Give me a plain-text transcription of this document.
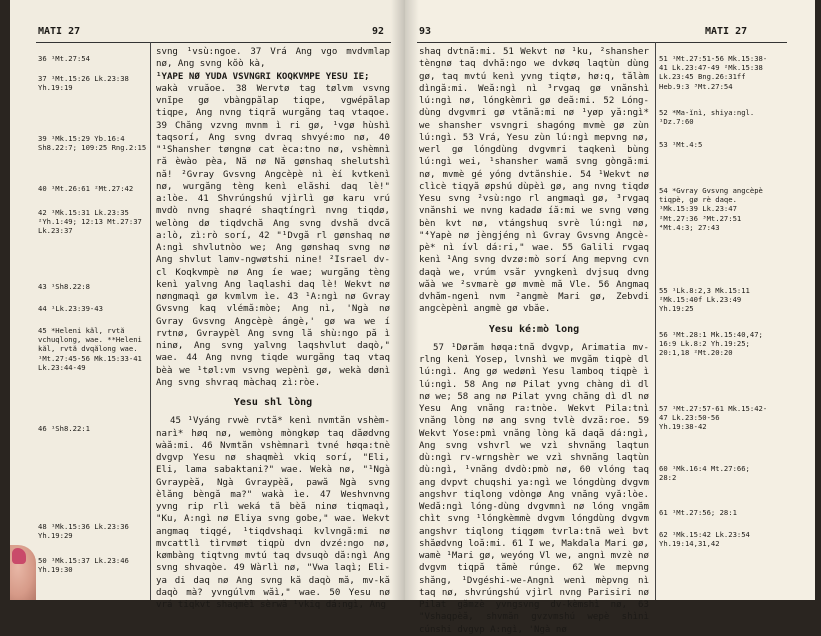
MATI 27	92
36 ¹Mt.27:54
37 ¹Mt.15:26 Lk.23:38
Yh.19:19
39 ¹Mk.15:29 Yb.16:4
Sh8.22:7; 109:25 Rng.2:15
40 ¹Mt.26:61 ²Mt.27:42
42 ¹Mk.15:31 Lk.23:35
²Yh.1:49; 12:13 Mt.27:37
Lk.23:37
43 ¹Sh8.22:8
44 ¹Lk.23:39-43
45 *Heleni kăl, rvtă
vchuqlong, wae. **Heleni
kăl, rvtă dvqălong wae.
¹Mt.27:45-56 Mk.15:33-41
Lk.23:44-49
46 ¹Sh8.22:1
48 ¹Mk.15:36 Lk.23:36
Yh.19:29
50 ¹Mk.15:37 Lk.23:46
Yh.19:30

svng ¹vsù:ngoe. 37 Vrá Ang vgo mvdvmlap nø, Ang svng kŏò kà,

¹YAPE NØ YUDA VSVNGRI KOQKVMPE YESU IE;

wakà vruăoe. 38 Wervtø tag tølvm vsvng vnĭpe gø vbàngpălap tiqpe, vgwépălap tiqpe, Ang nvng tiqră wurgăng taq vtaqoe. 39 Chăng vzvng mvnm ì ri gø, ¹vgø hùshì taqsorí, Ang svng dvraq shvyé:mo nø, 40 "¹Shansher tøngnø cat èca:tno nø, vshèmnì ră èwào pèa, Nă nø Nă gønshaq shelutshì nă! ²Gvray Gvsvng Angcèpè nì èí kvtkenì nø, wurgăng tèng kenì elăshi daq lè!" a:lòe. 41 Shvrúngshú vjìrlì gø karu vrú mvdò nvng shaqré shaqtíngrì nvng tiqdø, welòng dø tiqdvchă Ang svng dvshă dvcă a:lò, zì:rò sorí, 42 "¹Dvgă rl gønshaq nø A:ngì shvlutnòo we; Ang gønshaq svng nø Ang shvlut lamv-ngwøtshi nine! ²Israel dv-cl Koqkvmpè nø Ang íe wae; wurgăng tèng kenì yalvng Ang laqlashi daq lè! Wekvt nø nøngmaqì gø kvmlvm ìe. 43 ¹A:ngì nø Gvray Gvsvng kaq vlémă:mòe; Ang nì, 'Ngà nø Gvray Gvsvng Angcèpè ángè,' gø wa we í rvtnø, Gvraypèl Ang svng lă shù:ngo pă ì ninø, Ang svng yalvng laqshvlut daqò," wae. 44 Ang nvng tiqde wurgăng taq vtaq bèà we ¹tøl:vm vsvng wepènì gø, wekà dønì Ang svng shvraq màchaq zì:ròe.

Yesu shl lòng

45 ¹Vyáng rvwè rvtă* kenì nvmtăn vshèm-narì* høq nø, wemòng mòngkøp taq dăødvng wàă:mi. 46 Nvmtăn vshèmnarì tvné høqa:tnè dvgvp Yesu nø shaqmèì vkiq sorí, "Eli, Eli, lama sabaktani?" wae. Wekà nø, "¹Ngà Gvraypèă, Ngà Gvraypèă, pawă Ngà svng èlăng bèngă ma?" wakà ìe. 47 Weshvnvng yvng rip rlì weká tă bèă ninø tiqmaqì, "Ku, A:ngì nø Eliya svng gobe," wae. Wekvt angmaq tiqgé, ¹tiqdvshaqi kvlvngă:mi nø mvcattlì tìrvmøt tiqpù dvn dvzé:ngo nø, kømbàng tiqtvng mvtú taq dvsuqò dă:ngì Ang svng shvaqòe. 49 Wàrlì nø, "Vwa laqì; Eli-ya di daq nø Ang svng kă daqò mă, mv-kă daqò mà? yvngúlvm wăì," wae. 50 Yesu nø vrá tiqkvt shaqmèì sèrwă ¹vkiq dá:ngì, Ang

93	MATI 27

shaq dvtnă:mi. 51 Wekvt nø ¹ku, ²shansher tèngnø taq dvhă:ngo we dvkøq laqtùn dùng gø, taq mvtú kenì yvng tiqtø, hø:q, tălàm dìngă:mi. Weă:ngì nì ³rvgaq gø vnănshì lú:ngì nø, lóngkèmrì gø deă:mi. 52 Lóng-dùng dvgvmri gø vtănă:mi nø ¹yøp yă:ngì* we shansher vsvngri shagóng mvmè gø zùn lú:ngì. 53 Vrá, Yesu zùn lú:ngì mepvng nø, werl gø lóngdùng dvgvmri taqkenì bùng lú:ngì wei, ¹shansher wamă svng gòngă:mi nø, mvmè gé yóng dvtănshie. 54 ¹Wekvt nø clìcè tiqyă øpshú dùpèì gø, ang nvng tiqdø Yesu svng ²vsù:ngo rl angmaqì gø, ³rvgaq vnănshi we nvng kadadø íă:mi we svng vøng bèn kvt nø, vtángshuq svrè lú:ngì nø, "⁴Yapè nø jèngjéng nì Gvray Gvsvng Angcè-pè* nì ívl dá:ri," wae. 55 Galili rvgaq kenì ¹Ang svng dvzø:mò sorí Ang mepvng cvn daqà we, vrúm vsăr yvngkenì dvjsuq dvng wăà we ²svmarè gø mvmè mă Vle. 56 Angmaq dvhăm-ngenì nvm ²angmè Mari gø, Zebvdi angcèpènì angmè gø vbăe.

Yesu ké:mò long

57 ¹Dørăm høqa:tnă dvgvp, Arimatia mv-rlng kenì Yosep, lvnshì we mvgăm tiqpè dl lú:ngì. Ang gø wedønì Yesu lamboq tiqpè ì lú:ngì. 58 Ang nø Pilat yvng chàng dì dl nø we; 58 ang nø Pilat yvng chăng dì dl nø Yesu Ang vnăng ra:tnòe. Wekvt Pila:tnì vnăng lòng nø ang svng tvlè dvză:roe. 59 Wekvt Yose:pmì vnăng lòng kă daqă dá:ngì, Ang svng vshvrl we vzì shvnăng laqtun dù:ngì rv-wrngshèr we vzì shvnăng laqtùn dù:ngì, ¹vnăng dvdò:pmò nø, 60 vlóng taq ang dvpvt chuqshi ya:ngì we lóngdùng dvgvm angshvr tiqlong vdòngø Ang vnăng vyă:lòe. Wedă:ngì lóng-dùng dvgvmnì nø lóng vngăm chìt svng ¹lóngkèmmè dvgvm lóngdùng dvgvm angshvr tiqlong tiqgøm tvrla:tnă weì bvt shăødvng loă:mi. 61 I we, Makdala Mari gø, wamè ¹Mari gø, weyóng Vl we, angnì mvzè nø dvgvm tiqpă tămè rúnge. 62 We mepvng shăng, ¹Dvgéshi-we-Angnì wenì mèpvng nì taq nø, shvrúngshú vjìrl nvng Parisiri nø Pilat gămzè yvngsvng dv-kèmshì nø, 63 "Vshaqpèă, shvmăn gvzvmshú wepè shìnì cúnshi dvgvp A:ngì, 'Ngà nø

51 ¹Mt.27:51-56 Mk.15:38-
41 Lk.23:47-49 ²Mk.15:38
Lk.23:45 Bng.26:31ff
Heb.9:3 ³Mt.27:54
52 *Ma-ĭnì, shiya:ngl.
¹Dz.7:60
53 ¹Mt.4:5
54 *Gvray Gvsvng angcèpè
tiqpè, gø rè daqe.
¹Mk.15:39 Lk.23:47
²Mt.27:36 ³Mt.27:51
⁴Mt.4:3; 27:43
55 ¹Lk.8:2,3 Mk.15:11
²Mk.15:40f Lk.23:49
Yh.19:25
56 ¹Mt.28:1 Mk.15:40,47;
16:9 Lk.8:2 Yh.19:25;
20:1,18 ²Mt.20:20
57 ¹Mt.27:57-61 Mk.15:42-
47 Lk.23:50-56
Yh.19:38-42
60 ¹Mk.16:4 Mt.27:66;
28:2
61 ¹Mt.27:56; 28:1
62 ¹Mk.15:42 Lk.23:54
Yh.19:14,31,42
